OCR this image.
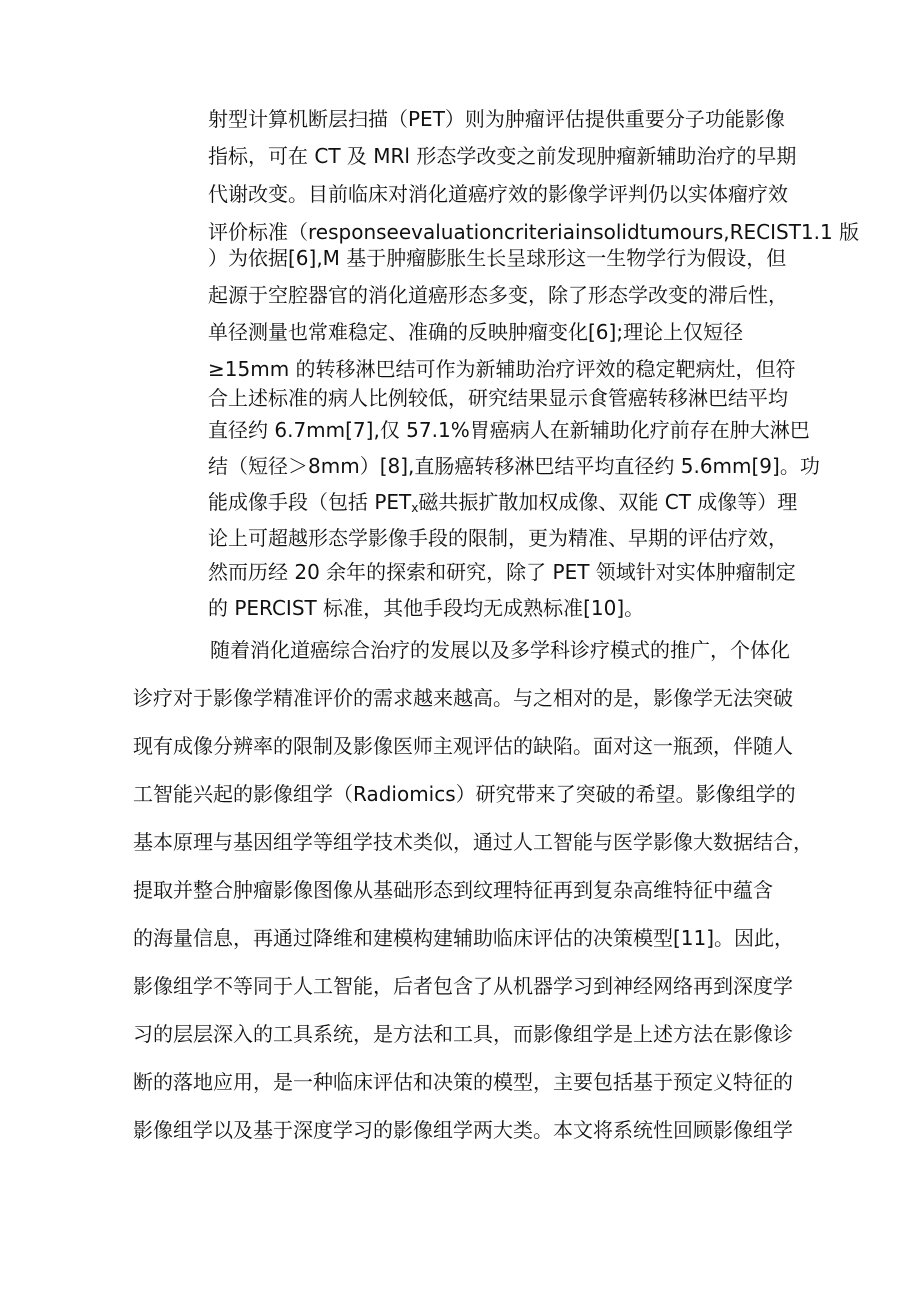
射型计算机断层扫描（PET）则为肿瘤评估提供重要分子功能影像
指标，可在 CT 及 MRl 形态学改变之前发现肿瘤新辅助治疗的早期
代谢改变。目前临床对消化道癌疗效的影像学评判仍以实体瘤疗效
评价标准（responseevaluationcriteriainsolidtumours,RECIST1.1 版
）为依据[6],M 基于肿瘤膨胀生长呈球形这一生物学行为假设，但
起源于空腔器官的消化道癌形态多变，除了形态学改变的滞后性，
单径测量也常难稳定、准确的反映肿瘤变化[6];理论上仅短径
≥15mm 的转移淋巴结可作为新辅助治疗评效的稳定靶病灶，但符
合上述标准的病人比例较低，研究结果显示食管癌转移淋巴结平均
直径约 6.7mm[7],仅 57.1%胃癌病人在新辅助化疗前存在肿大淋巴
结（短径＞8mm）[8],直肠癌转移淋巴结平均直径约 5.6mm[9]。功
能成像手段（包括 PETx磁共振扩散加权成像、双能 CT 成像等）理
论上可超越形态学影像手段的限制，更为精准、早期的评估疗效，
然而历经 20 余年的探索和研究，除了 PET 领域针对实体肿瘤制定
的 PERCIST 标准，其他手段均无成熟标准[10]。
随着消化道癌综合治疗的发展以及多学科诊疗模式的推广，个体化
诊疗对于影像学精准评价的需求越来越高。与之相对的是，影像学无法突破
现有成像分辨率的限制及影像医师主观评估的缺陷。面对这一瓶颈，伴随人
工智能兴起的影像组学（Radiomics）研究带来了突破的希望。影像组学的
基本原理与基因组学等组学技术类似，通过人工智能与医学影像大数据结合，
提取并整合肿瘤影像图像从基础形态到纹理特征再到复杂高维特征中蕴含
的海量信息，再通过降维和建模构建辅助临床评估的决策模型[11]。因此，
影像组学不等同于人工智能，后者包含了从机器学习到神经网络再到深度学
习的层层深入的工具系统，是方法和工具，而影像组学是上述方法在影像诊
断的落地应用，是一种临床评估和决策的模型，主要包括基于预定义特征的
影像组学以及基于深度学习的影像组学两大类。本文将系统性回顾影像组学
